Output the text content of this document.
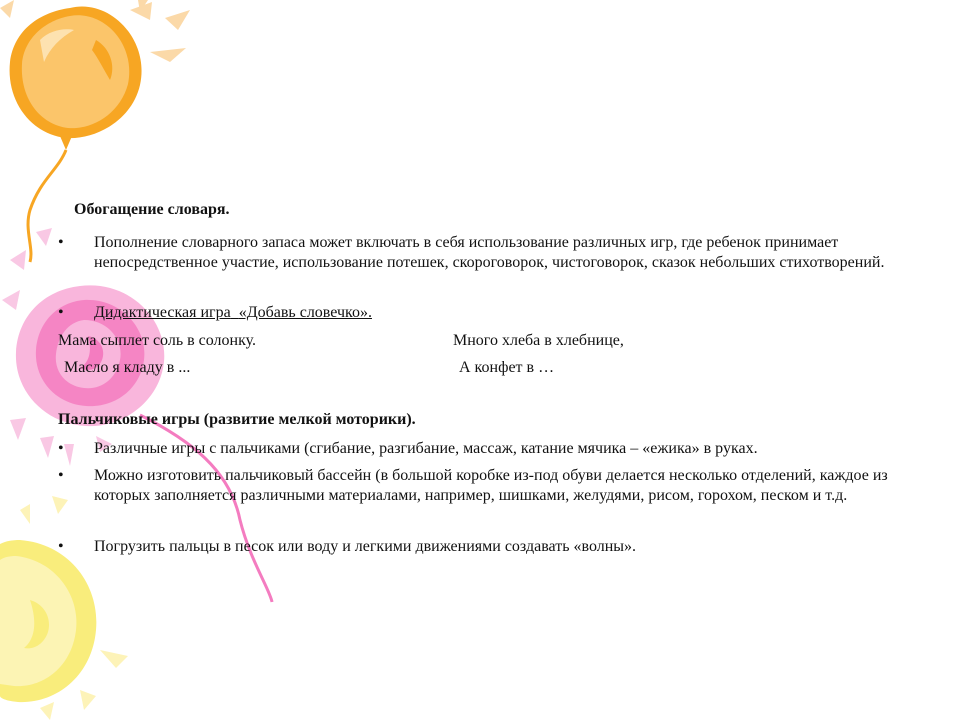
Обогащение словаря.
• Пополнение словарного запаса может включать в себя использование различных игр, где ребенок принимает непосредственное участие, использование потешек, скороговорок, чистоговорок, сказок небольших стихотворений.
• Дидактическая игра «Добавь словечко».
Мама сыплет соль в солонку.	Много хлеба в хлебнице,
Масло я кладу в ...	А конфет в …
Пальчиковые игры (развитие мелкой моторики).
• Различные игры с пальчиками (сгибание, разгибание, массаж, катание мячика – «ежика» в руках.
• Можно изготовить пальчиковый бассейн (в большой коробке из-под обуви делается несколько отделений, каждое из которых заполняется различными материалами, например, шишками, желудями, рисом, горохом, песком и т.д.
• Погрузить пальцы в песок или воду и легкими движениями создавать «волны».
